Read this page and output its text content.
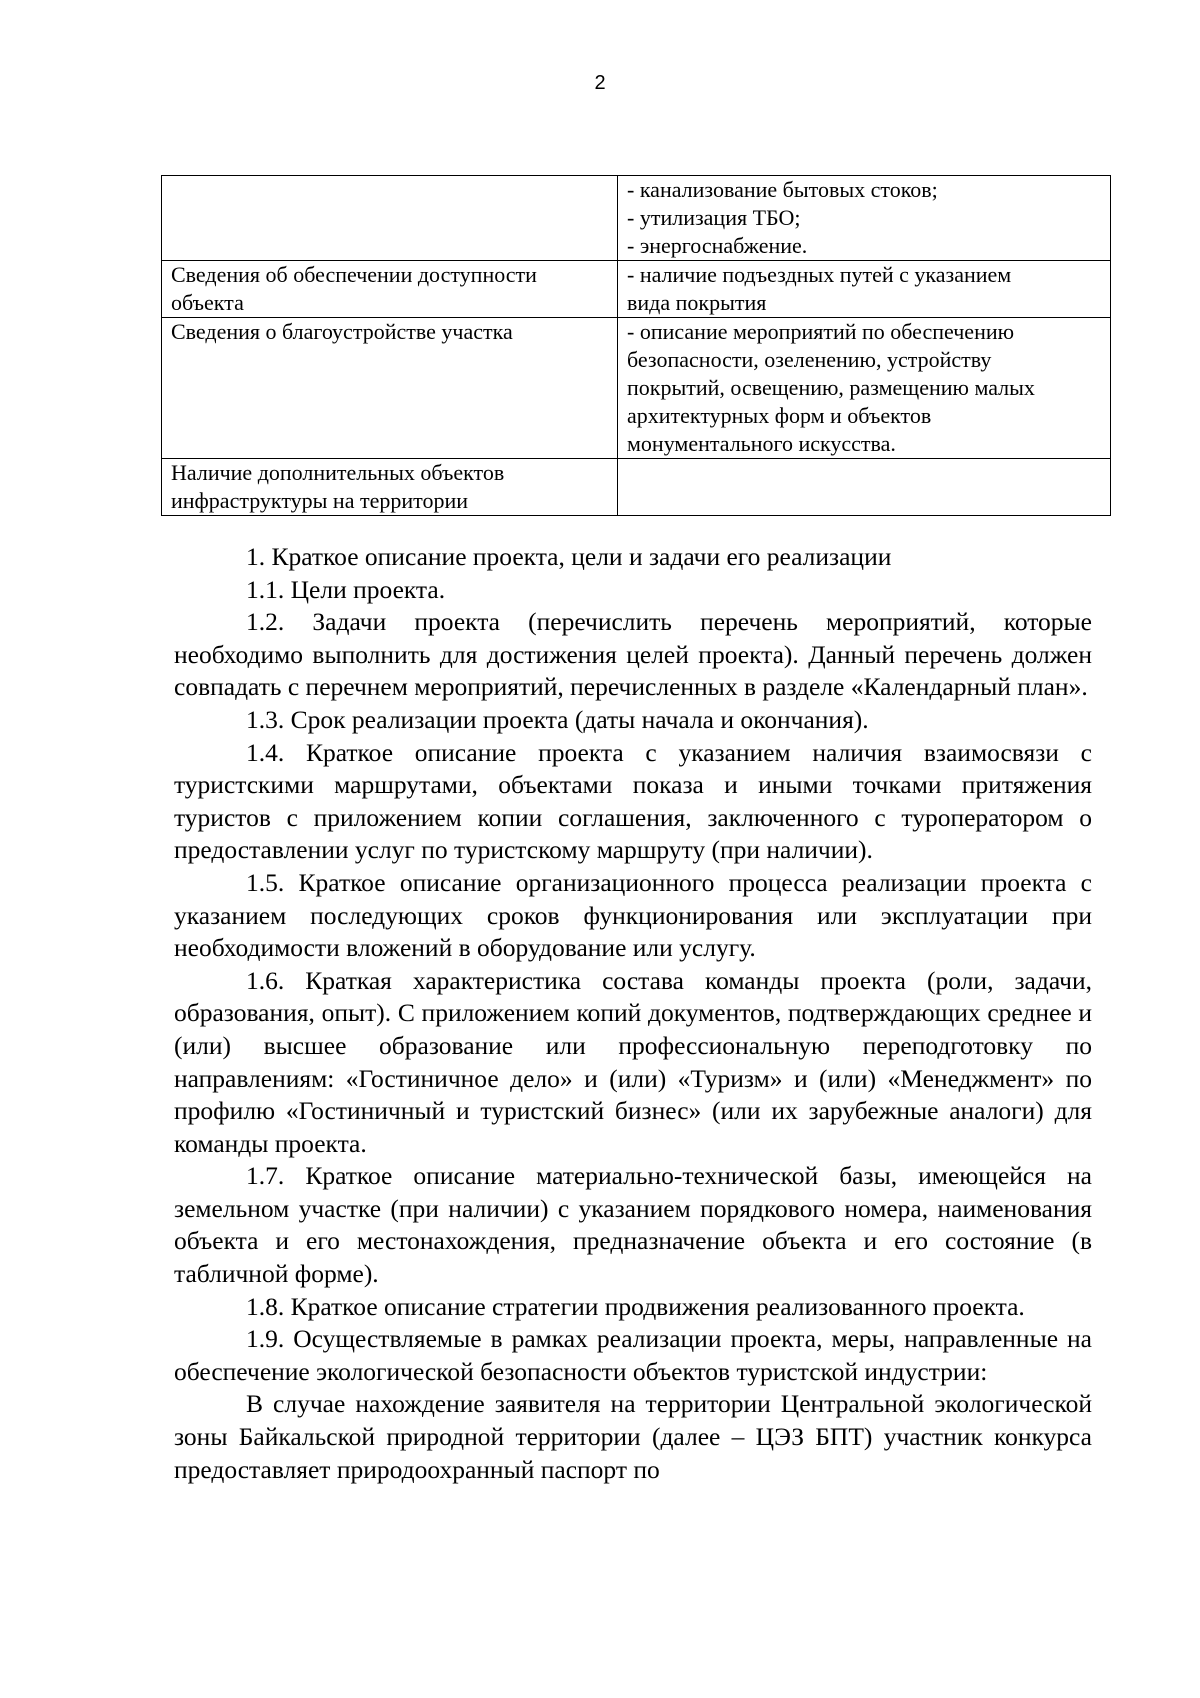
2

	- канализование бытовых стоков;
- утилизация ТБО;
- энергоснабжение.

Сведения об обеспечении доступности
объекта	- наличие подъездных путей с указанием
вида покрытия

Сведения о благоустройстве участка	- описание мероприятий по обеспечению
безопасности, озеленению, устройству
покрытий, освещению, размещению малых
архитектурных форм и объектов
монументального искусства.

Наличие дополнительных объектов
инфраструктуры на территории	

1. Краткое описание проекта, цели и задачи его реализации

1.1. Цели проекта.

1.2. Задачи проекта (перечислить перечень мероприятий, которые необходимо выполнить для достижения целей проекта). Данный перечень должен совпадать с перечнем мероприятий, перечисленных в разделе «Календарный план».

1.3. Срок реализации проекта (даты начала и окончания).

1.4. Краткое описание проекта с указанием наличия взаимосвязи с туристскими маршрутами, объектами показа и иными точками притяжения туристов с приложением копии соглашения, заключенного с туроператором о предоставлении услуг по туристскому маршруту (при наличии).

1.5. Краткое описание организационного процесса реализации проекта с указанием последующих сроков функционирования или эксплуатации при необходимости вложений в оборудование или услугу.

1.6. Краткая характеристика состава команды проекта (роли, задачи, образования, опыт). С приложением копий документов, подтверждающих среднее и (или) высшее образование или профессиональную переподготовку по направлениям: «Гостиничное дело» и (или) «Туризм» и (или) «Менеджмент» по профилю «Гостиничный и туристский бизнес» (или их зарубежные аналоги) для команды проекта.

1.7. Краткое описание материально-технической базы, имеющейся на земельном участке (при наличии) с указанием порядкового номера, наименования объекта и его местонахождения, предназначение объекта и его состояние (в табличной форме).

1.8. Краткое описание стратегии продвижения реализованного проекта.

1.9. Осуществляемые в рамках реализации проекта, меры, направленные на обеспечение экологической безопасности объектов туристской индустрии:

В случае нахождение заявителя на территории Центральной экологической зоны Байкальской природной территории (далее – ЦЭЗ БПТ) участник конкурса предоставляет природоохранный паспорт по
